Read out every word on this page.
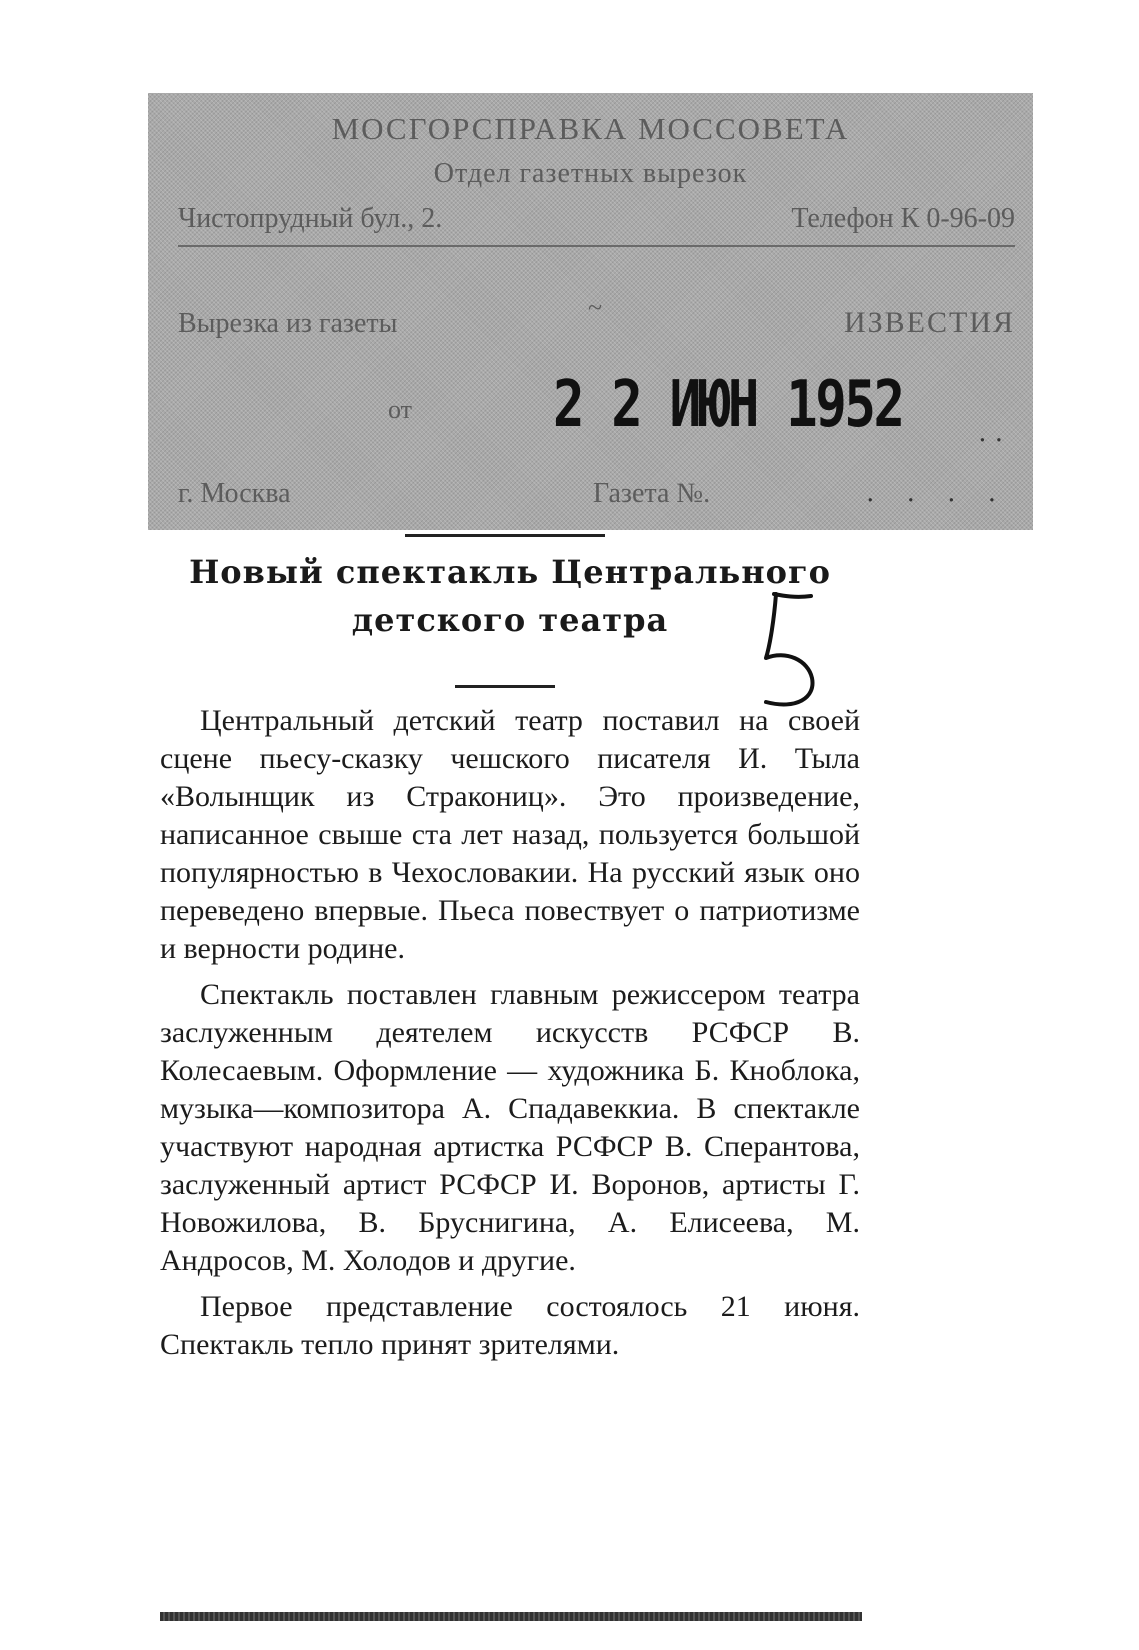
МОСГОРСПРАВКА МОССОВЕТА
Отдел газетных вырезок
Чистопрудный бул., 2.	Телефон К 0-96-09
Вырезка из газеты
~	ИЗВЕСТИЯ
от 2 2 ИЮН 1952	. .
г. Москва	Газета №.	. . . .
Новый спектакль Центрального детского театра

Центральный детский театр поставил на своей сцене пьесу-сказку чешского писателя И. Тыла «Волынщик из Стракониц». Это произведение, написанное свыше ста лет назад, пользуется большой популярностью в Чехословакии. На русский язык оно переведено впервые. Пьеса повествует о патриотизме и верности родине.

Спектакль поставлен главным режиссером театра заслуженным деятелем искусств РСФСР В. Колесаевым. Оформление — художника Б. Кноблока, музыка—композитора А. Спадавеккиа. В спектакле участвуют народная артистка РСФСР В. Сперантова, заслуженный артист РСФСР И. Воронов, артисты Г. Новожилова, В. Бруснигина, А. Елисеева, М. Андросов, М. Холодов и другие.

Первое представление состоялось 21 июня. Спектакль тепло принят зрителями.
